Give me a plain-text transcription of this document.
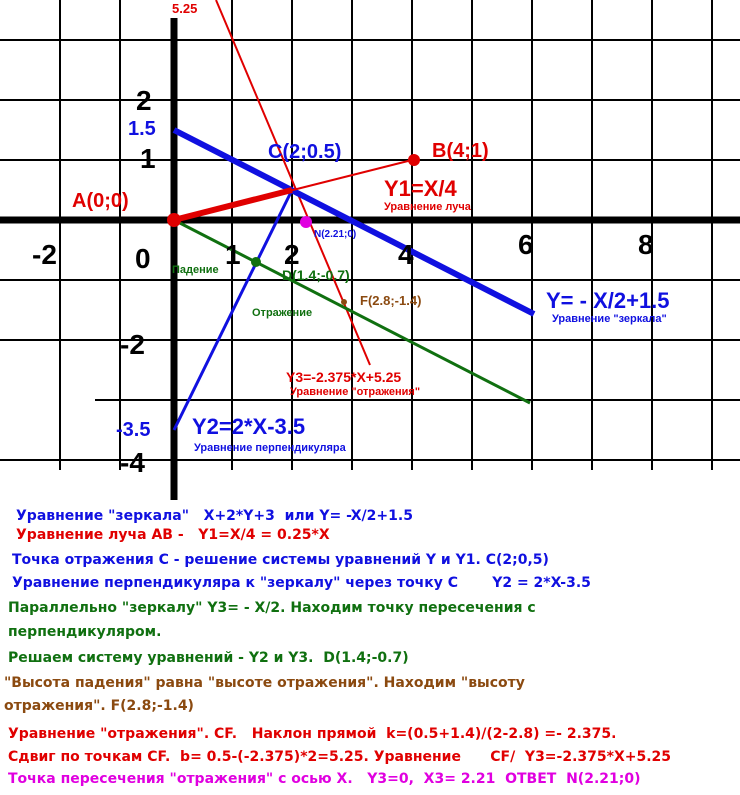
-2	0	1 2	4	6	8
2
1
-2
-4
5.25
1.5
-3.5
A(0;0)
B(4;1)
C(2;0.5)
N(2.21;0)
D(1.4;-0.7)
F(2.8;-1.4)
Y1=X/4
Уравнение луча
Y= - X/2+1.5
Уравнение "зеркала"
Y3=-2.375*X+5.25
Уравнение "отражения"
Y2=2*X-3.5
Уравнение перпендикуляра
Падение
Отражение
Уравнение "зеркала"   X+2*Y+3  или Y= -X/2+1.5
Уравнение луча AB -   Y1=X/4 = 0.25*X
Точка отражения C - решение системы уравнений Y и Y1. C(2;0,5)
Уравнение перпендикуляра к "зеркалу" через точку C       Y2 = 2*X-3.5
Параллельно "зеркалу" Y3= - X/2. Находим точку пересечения с
перпендикуляром.
Решаем систему уравнений - Y2 и Y3.  D(1.4;-0.7)
"Высота падения" равна "высоте отражения". Находим "высоту
отражения". F(2.8;-1.4)
Уравнение "отражения". CF.   Наклон прямой  k=(0.5+1.4)/(2-2.8) =- 2.375.
Сдвиг по точкам CF.  b= 0.5-(-2.375)*2=5.25. Уравнение      CF/  Y3=-2.375*X+5.25
Точка пересечения "отражения" с осью X.   Y3=0,  X3= 2.21  ОТВЕТ  N(2.21;0)
